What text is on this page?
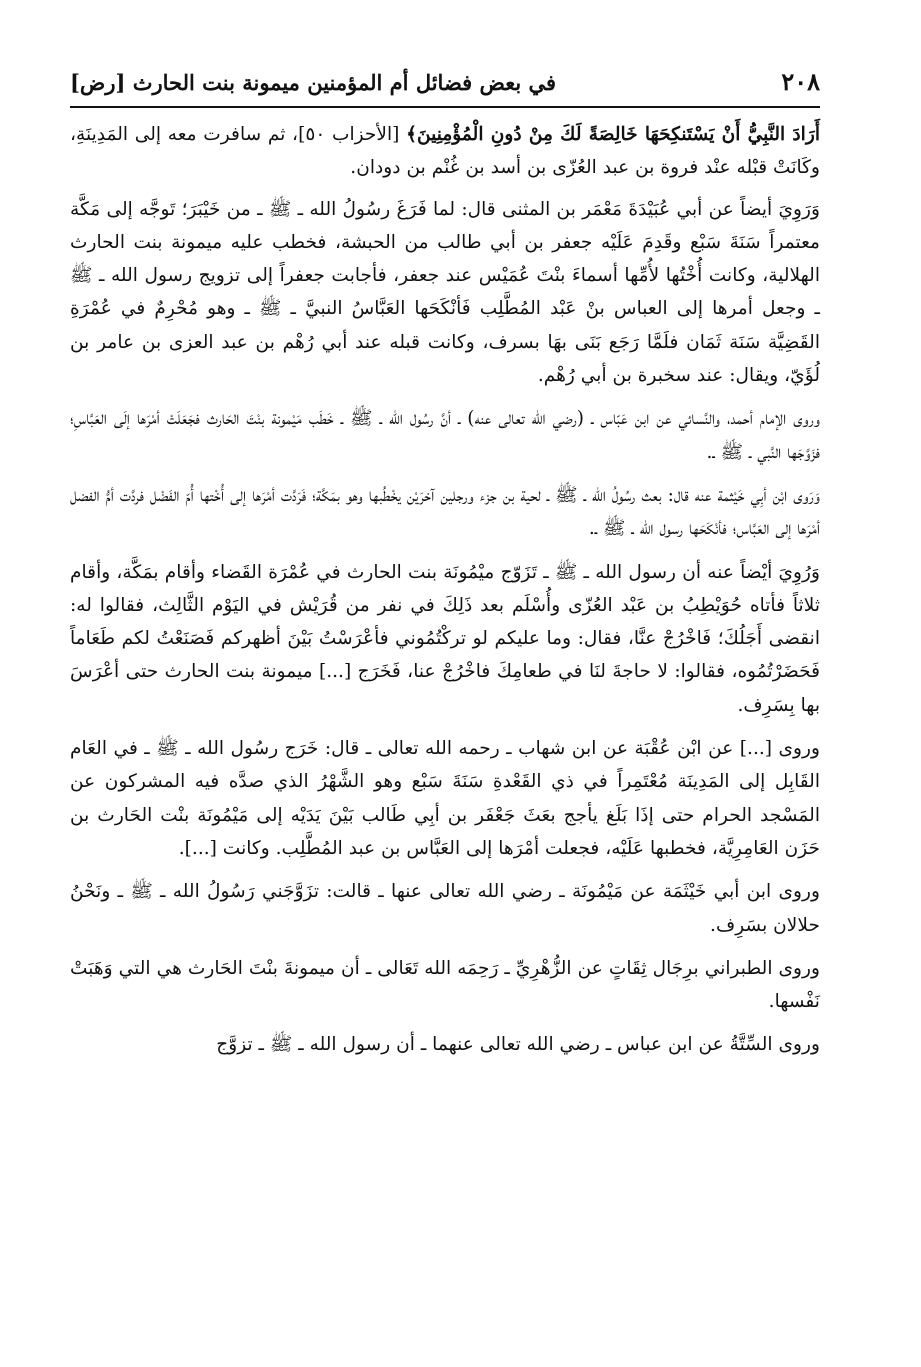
٢٠٨
في بعض فضائل أم المؤمنين ميمونة بنت الحارث [رض]

أَرَادَ النَّبِيُّ أَنْ يَسْتَنكِحَهَا خَالِصَةً لَكَ مِنْ دُونِ الْمُؤْمِنِينَ﴾ [الأحزاب ٥٠]، ثم سافرت معه إلى المَدِينَةِ، وكَانَتْ قبْله عنْد فروة بن عبد العُزّى بن أسد بن غُنْم بن دودان.

وَرَوِيَ أيضاً عن أبي عُبَيْدَةَ مَعْمَر بن المثنى قال: لما فَرَغَ رسُولُ الله ـ ﷺ ـ من خَيْبَرَ؛ تَوجَّه إلى مَكَّة معتمراً سَنَةَ سَبْع وقَدِمَ عَلَيْه جعفر بن أبي طالب من الحبشة، فخطب عليه ميمونة بنت الحارث الهلالية، وكانت أُخْتُها لأُمِّها أسماءَ بنْتَ عُمَيْس عند جعفر، فأجابت جعفراً إلى تزويج رسول الله ـ ﷺ ـ وجعل أمرها إلى العباس بنْ عَبْد المُطَّلِب فَأنْكَحَها العَبَّاسُ النبيَّ ـ ﷺ ـ وهو مُحْرِمٌ في عُمْرَةِ القَضِيَّة سَنَة ثَمَان فلَمَّا رَجَع بَنَى بهَا بسرف، وكانت قبله عند أبي رُهْم بن عبد العزى بن عامر بن لُؤَيّ، ويقال: عند سخبرة بن أبي رُهْم.

وروى الإمام أحمد، والنَّسائي عن ابن عَبّاس ـ (رضي الله تعالى عنه) ـ أنَّ رسُول الله ـ ﷺ ـ خَطَب مَيْمونة بنْتَ الحَارث فجَعَلَتْ أمْرَها إلَى العَبَّاسِ؛ فزَوَّجَها النَّبي ـ ﷺ ـ.

وَرَوى ابْن أبِي خَيْثمة عنه قال: بعث رسُولُ الله ـ ﷺ ـ لحية بن جزء ورجلين آخرَيْن يخْطُبها وهو بمَكَّة؛ فَرَدَّت أمْرَها إلى أُخْتها أُمّ الفَضْل فردَّت أمُّ الفضل أمْرَها إلى العَبَّاس؛ فأنْكَحَها رسول الله ـ ﷺ ـ.

وَرُوِيَ أيْضاً عنه أن رسول الله ـ ﷺ ـ تَزَوّج ميْمُونَة بنت الحارث في عُمْرَة القَضاء وأقام بمَكَّة، وأقام ثلاثاً فأتاه حُوَيْطِبُ بن عَبْد العُزّى وأُسْلَم بعد ذَلِكَ في نفر من قُرَيْش في اليَوْم الثَّالِث، فقالوا له: انقضى أَجَلُكَ؛ فَاخْرُجْ عنَّا، فقال: وما عليكم لو تركْتُمُوني فأعْرَسْتُ بَيْنَ أظهركم فَصَنَعْتُ لكم طَعَاماً فَحَضَرْتُمُوه، فقالوا: لا حاجةَ لنَا في طعامِكَ فاخْرُجْ عنا، فَخَرَج [...] ميمونة بنت الحارث حتى أعْرَسَ بها بِسَرِف.

وروى [...] عن ابْن عُقْبَة عن ابن شهاب ـ رحمه الله تعالى ـ قال: خَرَج رسُول الله ـ ﷺ ـ في العَام القَابِل إلى المَدِينَة مُعْتَمِراً في ذي القَعْدةِ سَنَةَ سَبْع وهو الشَّهْرُ الذي صدَّه فيه المشركون عن المَسْجد الحرام حتى إذَا بَلَغ يأجج بعَثَ جَعْفَر بن أبِي طَالب بَيْنَ يَدَيْه إلى مَيْمُونَة بنْت الحَارث بن حَزَن العَامِرِيَّة، فخطبها عَلَيْه، فجعلت أمْرَها إلى العَبَّاس بن عبد المُطَّلِب. وكانت [...].

وروى ابن أبي خَيْثَمَة عن مَيْمُونَة ـ رضي الله تعالى عنها ـ قالت: تزَوَّجَني رَسُولُ الله ـ ﷺ ـ ونَحْنُ حلالان بسَرِف.

وروى الطبراني برِجَال ثِقَاتٍ عن الزُّهْرِيِّ ـ رَحِمَه الله تَعَالى ـ أن ميمونةَ بنْتَ الحَارث هي التي وَهَبَتْ نَفْسها.

وروى السِّتَّةُ عن ابن عباس ـ رضي الله تعالى عنهما ـ أن رسول الله ـ ﷺ ـ تزوَّج
